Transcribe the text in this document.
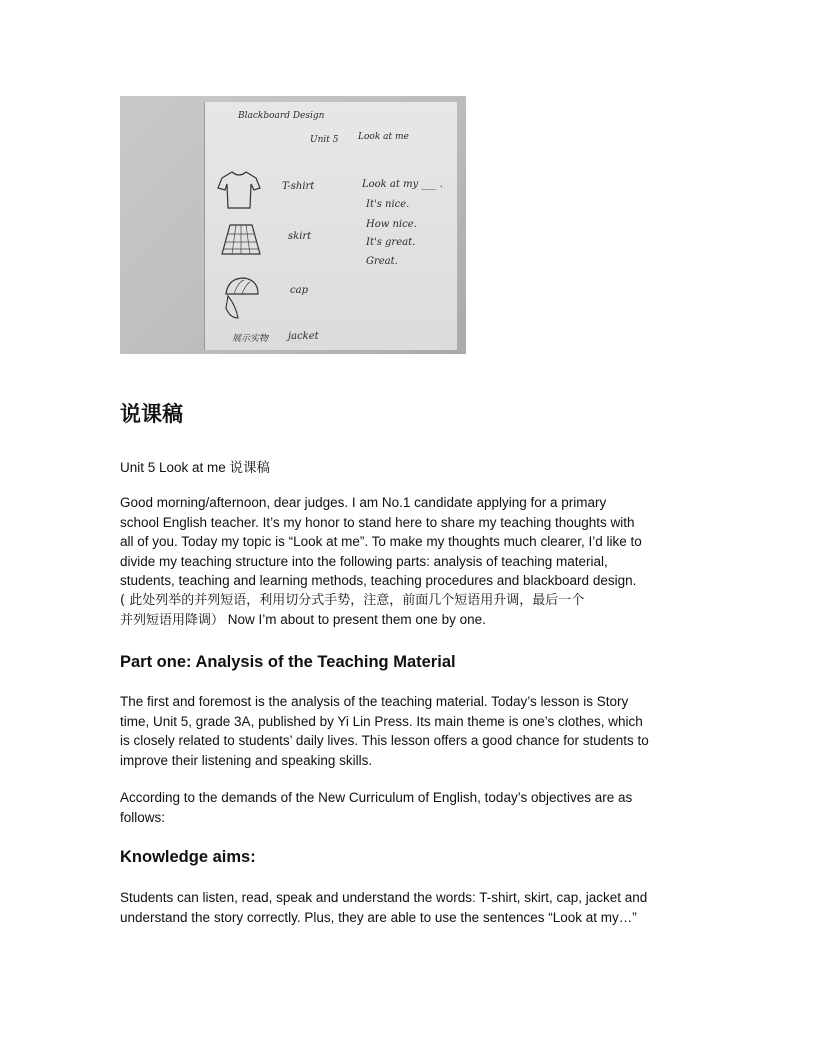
Blackboard Design
Unit 5 Look at me
T-shirt
skirt
cap
展示实物 jacket
Look at my ___ .
It's nice.
How nice.
It's great.
Great.
说课稿

Unit 5 Look at me 说课稿

Good morning/afternoon, dear judges. I am No.1 candidate applying for a primary

school English teacher. It’s my honor to stand here to share my teaching thoughts with

all of you. Today my topic is “Look at me”. To make my thoughts much clearer, I’d like to

divide my teaching structure into the following parts: analysis of teaching material,

students, teaching and learning methods, teaching procedures and blackboard design.

( 此处列举的并列短语，利用切分式手势，注意，前面几个短语用升调，最后一个

并列短语用降调） Now I’m about to present them one by one.

Part one: Analysis of the Teaching Material

The first and foremost is the analysis of the teaching material. Today’s lesson is Story

time, Unit 5, grade 3A, published by Yi Lin Press. Its main theme is one’s clothes, which

is closely related to students’ daily lives. This lesson offers a good chance for students to

improve their listening and speaking skills.

According to the demands of the New Curriculum of English, today’s objectives are as

follows:

Knowledge aims:

Students can listen, read, speak and understand the words: T-shirt, skirt, cap, jacket and

understand the story correctly. Plus, they are able to use the sentences “Look at my…”
